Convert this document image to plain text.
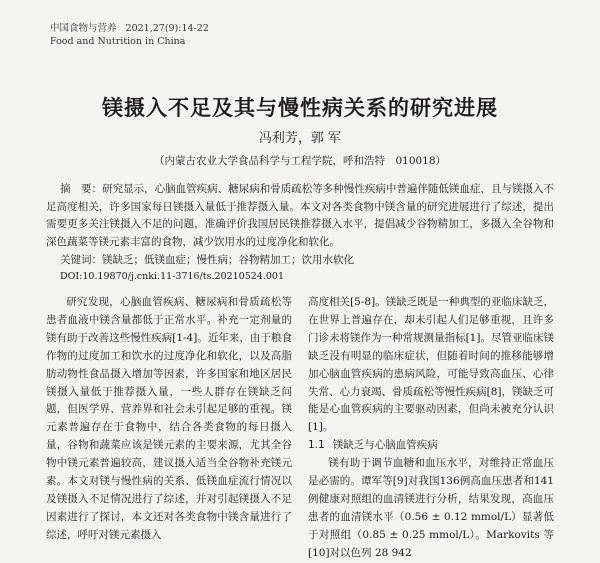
中国食物与营养 2021,27(9):14-22
Food and Nutrition in China
镁摄入不足及其与慢性病关系的研究进展
冯利芳，郭 军
（内蒙古农业大学食品科学与工程学院，呼和浩特　010018）
摘　要：研究显示，心脑血管疾病、糖尿病和骨质疏松等多种慢性疾病中普遍伴随低镁血症，且与镁摄入不足高度相关，许多国家每日镁摄入量低于推荐摄入量。本文对各类食物中镁含量的研究进展进行了综述，提出需要更多关注镁摄入不足的问题，准确评价我国居民镁推荐摄入水平，提倡减少谷物精加工，多摄入全谷物和深色蔬菜等镁元素丰富的食物，减少饮用水的过度净化和软化。
关键词：镁缺乏；低镁血症；慢性病；谷物精加工；饮用水软化
DOI:10.19870/j.cnki.11-3716/ts.20210524.001
研究发现，心脑血管疾病、糖尿病和骨质疏松等患者血液中镁含量都低于正常水平。补充一定剂量的镁有助于改善这些慢性疾病[1-4]。近年来，由于粮食作物的过度加工和饮水的过度净化和软化，以及高脂肪动物性食品摄入增加等因素，许多国家和地区居民镁摄入量低于推荐摄入量，一些人群存在镁缺乏问题，但医学界、营养界和社会未引起足够的重视。镁元素普遍存在于食物中，结合各类食物的每日摄入量，谷物和蔬菜应该是镁元素的主要来源，尤其全谷物中镁元素普遍较高，建议摄入适当全谷物补充镁元素。本文对镁与慢性病的关系、低镁血症流行情况以及镁摄入不足情况进行了综述，并对引起镁摄入不足因素进行了探讨，本文还对各类食物中镁含量进行了综述，呼吁对镁元素摄入
高度相关[5-8]。镁缺乏既是一种典型的亚临床缺乏，在世界上普遍存在，却未引起人们足够重视，且许多门诊未将镁作为一种常规测量指标[1]。尽管亚临床镁缺乏没有明显的临床症状，但随着时间的推移能够增加心脑血管疾病的患病风险，可能导致高血压、心律失常、心力衰竭、骨质疏松等慢性疾病[8]，镁缺乏可能是心血管疾病的主要驱动因素，但尚未被充分认识[1]。
1.1 镁缺乏与心脑血管疾病
镁有助于调节血糖和血压水平，对维持正常血压是必需的。谭军等[9]对我国136例高血压患者和141例健康对照组的血清镁进行分析，结果发现，高血压患者的血清镁水平（0.56 ± 0.12 mmol/L）显著低于对照组（0.85 ± 0.25 mmol/L）。Markovits 等[10]对以色列 28 942
